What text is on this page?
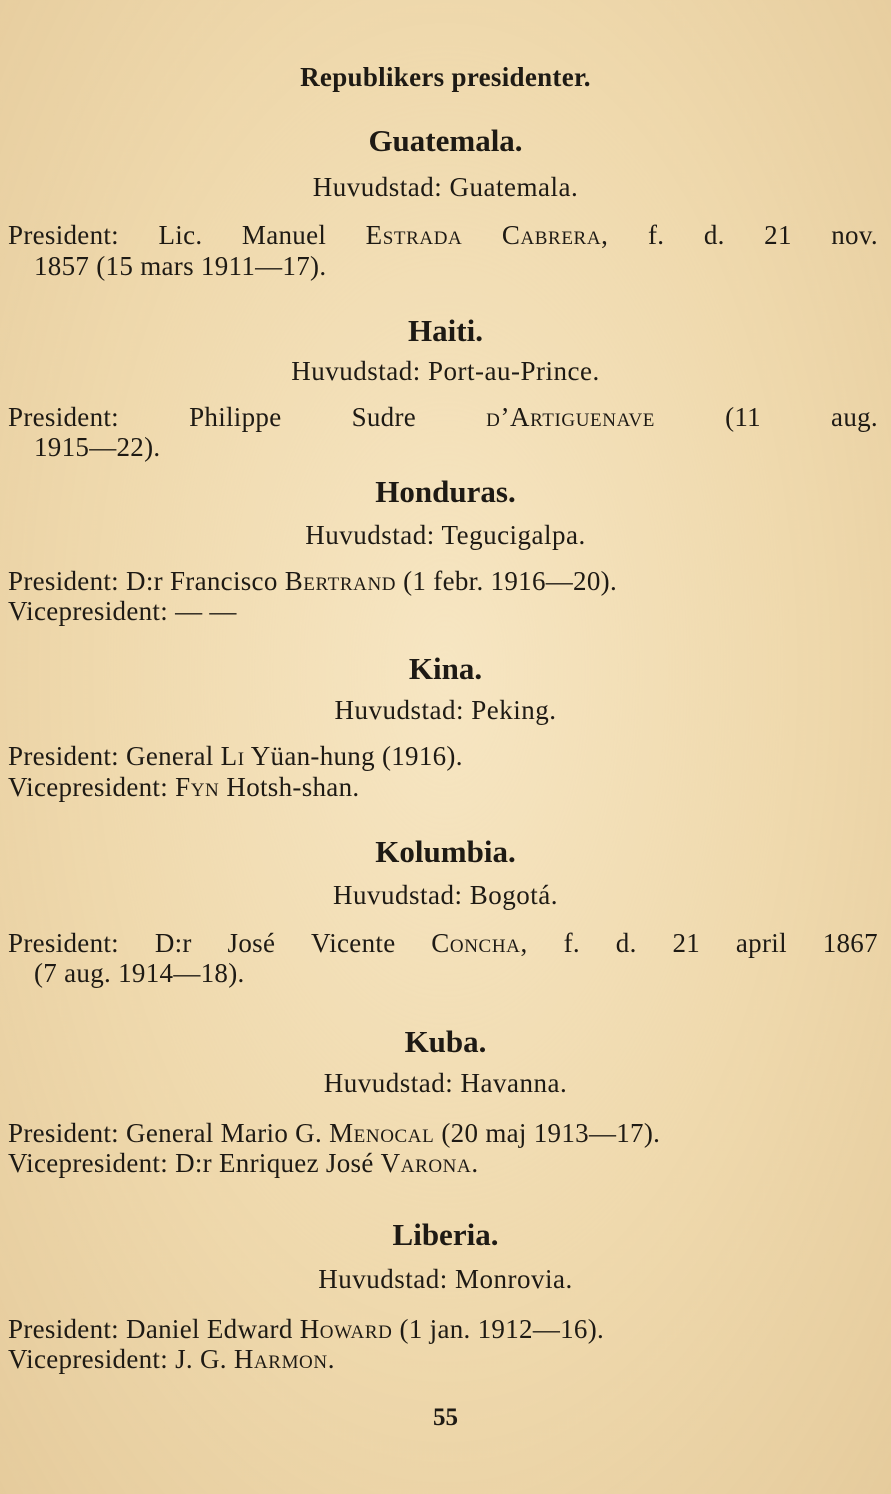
Republikers presidenter.
Guatemala.
Huvudstad: Guatemala.
President: Lic. Manuel Estrada Cabrera, f. d. 21 nov.
1857 (15 mars 1911—17).
Haiti.
Huvudstad: Port-au-Prince.
President:	Philippe	Sudre	d’Artiguenave	(11	aug.
1915—22).
Honduras.
Huvudstad: Tegucigalpa.
President: D:r Francisco Bertrand (1 febr. 1916—20).
Vicepresident: — —
Kina.
Huvudstad: Peking.
President: General Li Yüan-hung (1916).
Vicepresident: Fyn Hotsh-shan.
Kolumbia.
Huvudstad: Bogotá.
President: D:r José Vicente Concha, f. d. 21 april 1867
(7 aug. 1914—18).
Kuba.
Huvudstad: Havanna.
President: General Mario G. Menocal (20 maj 1913—17).
Vicepresident: D:r Enriquez José Varona.
Liberia.
Huvudstad: Monrovia.
President: Daniel Edward Howard (1 jan. 1912—16).
Vicepresident: J. G. Harmon.
55
